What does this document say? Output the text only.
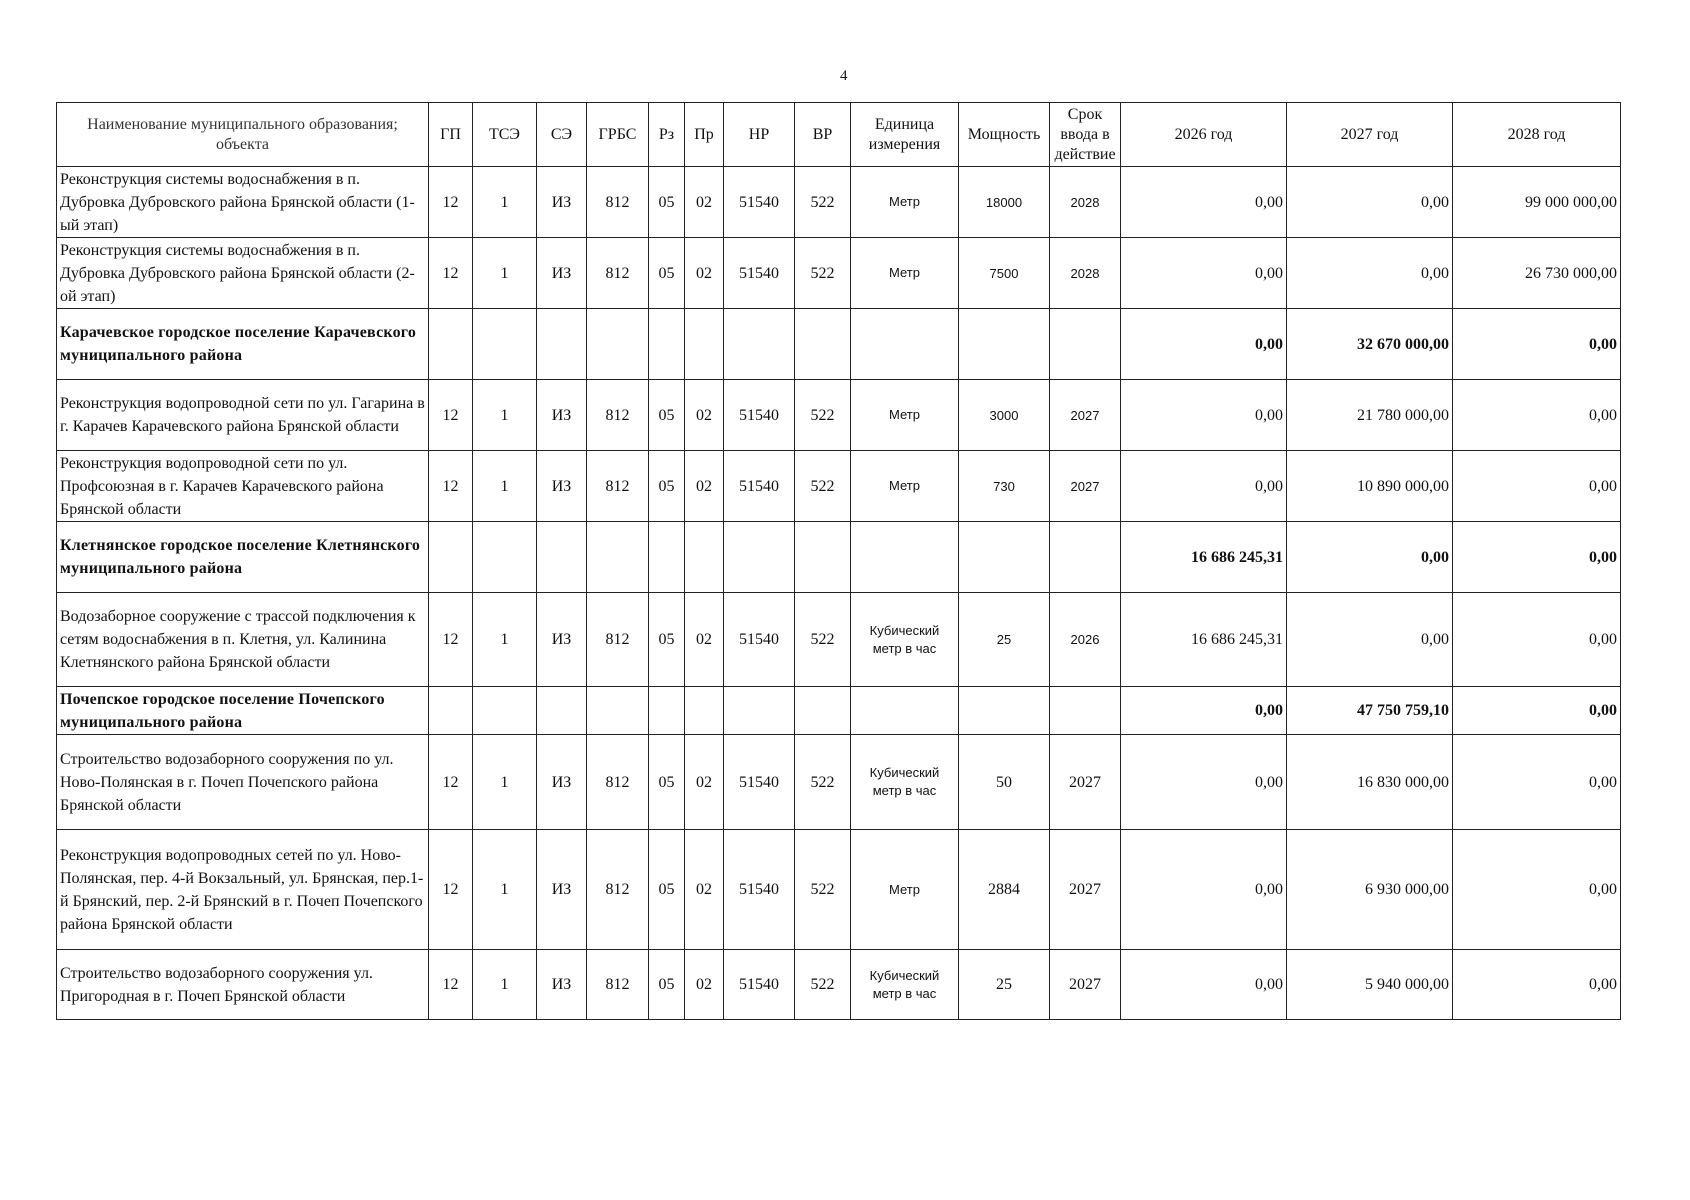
4
Наименование муниципального образования; объекта	ГП	ТСЭ	СЭ	ГРБС	Рз	Пр	НР	ВР	Единица измерения	Мощность	Срок ввода в действие	2026 год	2027 год	2028 год
Реконструкция системы водоснабжения в п. Дубровка Дубровского района Брянской области (1-ый этап)	12	1	ИЗ	812	05	02	51540	522	Метр	18000	2028	0,00	0,00	99 000 000,00
Реконструкция системы водоснабжения в п. Дубровка Дубровского района Брянской области (2-ой этап)	12	1	ИЗ	812	05	02	51540	522	Метр	7500	2028	0,00	0,00	26 730 000,00
Карачевское городское поселение Карачевского муниципального района												0,00	32 670 000,00	0,00
Реконструкция водопроводной сети по ул. Гагарина в г. Карачев Карачевского района Брянской области	12	1	ИЗ	812	05	02	51540	522	Метр	3000	2027	0,00	21 780 000,00	0,00
Реконструкция водопроводной сети по ул. Профсоюзная в г. Карачев Карачевского района Брянской области	12	1	ИЗ	812	05	02	51540	522	Метр	730	2027	0,00	10 890 000,00	0,00
Клетнянское городское поселение Клетнянского муниципального района												16 686 245,31	0,00	0,00
Водозаборное сооружение с трассой подключения к сетям водоснабжения в п. Клетня, ул. Калинина Клетнянского района Брянской области	12	1	ИЗ	812	05	02	51540	522	Кубический метр в час	25	2026	16 686 245,31	0,00	0,00
Почепское городское поселение Почепского муниципального района												0,00	47 750 759,10	0,00
Строительство водозаборного сооружения по ул. Ново-Полянская в г. Почеп Почепского района Брянской области	12	1	ИЗ	812	05	02	51540	522	Кубический метр в час	50	2027	0,00	16 830 000,00	0,00
Реконструкция водопроводных сетей по ул. Ново-Полянская, пер. 4-й Вокзальный, ул. Брянская, пер.1-й Брянский, пер. 2-й Брянский в г. Почеп Почепского района Брянской области	12	1	ИЗ	812	05	02	51540	522	Метр	2884	2027	0,00	6 930 000,00	0,00
Строительство водозаборного сооружения ул. Пригородная в г. Почеп Брянской области	12	1	ИЗ	812	05	02	51540	522	Кубический метр в час	25	2027	0,00	5 940 000,00	0,00
